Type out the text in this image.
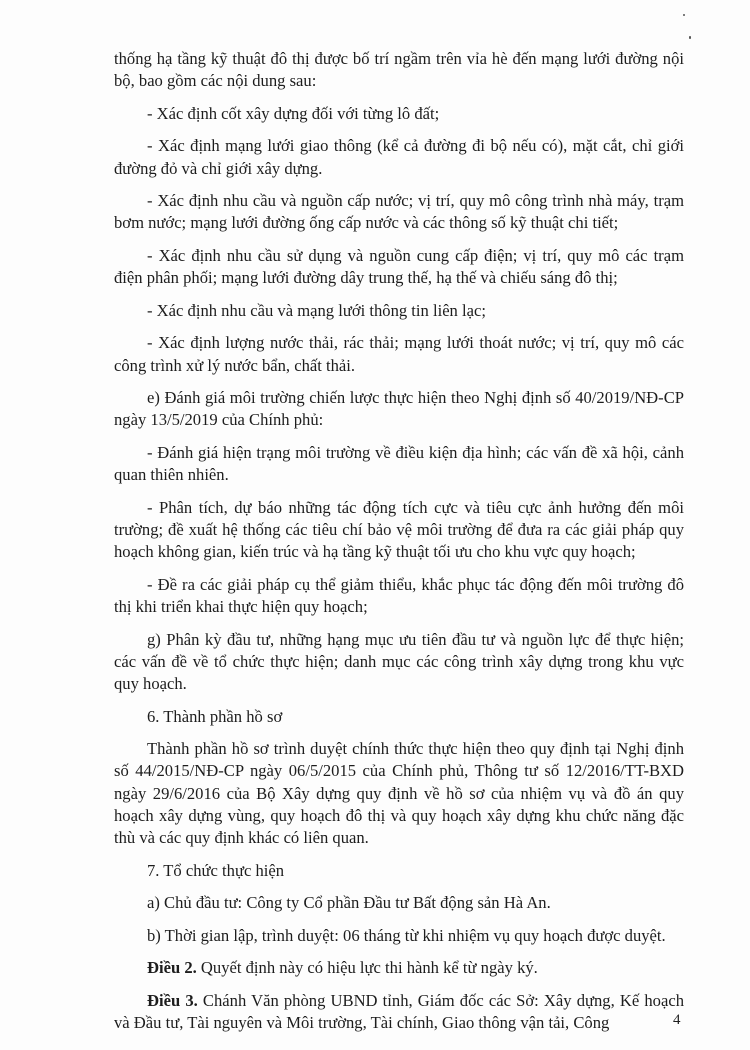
thống hạ tầng kỹ thuật đô thị được bố trí ngầm trên vỉa hè đến mạng lưới đường nội bộ, bao gồm các nội dung sau:

- Xác định cốt xây dựng đối với từng lô đất;

- Xác định mạng lưới giao thông (kể cả đường đi bộ nếu có), mặt cắt, chỉ giới đường đỏ và chỉ giới xây dựng.

- Xác định nhu cầu và nguồn cấp nước; vị trí, quy mô công trình nhà máy, trạm bơm nước; mạng lưới đường ống cấp nước và các thông số kỹ thuật chi tiết;

- Xác định nhu cầu sử dụng và nguồn cung cấp điện; vị trí, quy mô các trạm điện phân phối; mạng lưới đường dây trung thế, hạ thế và chiếu sáng đô thị;

- Xác định nhu cầu và mạng lưới thông tin liên lạc;

- Xác định lượng nước thải, rác thải; mạng lưới thoát nước; vị trí, quy mô các công trình xử lý nước bẩn, chất thải.

e) Đánh giá môi trường chiến lược thực hiện theo Nghị định số 40/2019/NĐ-CP ngày 13/5/2019 của Chính phủ:

- Đánh giá hiện trạng môi trường về điều kiện địa hình; các vấn đề xã hội, cảnh quan thiên nhiên.

- Phân tích, dự báo những tác động tích cực và tiêu cực ảnh hưởng đến môi trường; đề xuất hệ thống các tiêu chí bảo vệ môi trường để đưa ra các giải pháp quy hoạch không gian, kiến trúc và hạ tầng kỹ thuật tối ưu cho khu vực quy hoạch;

- Đề ra các giải pháp cụ thể giảm thiểu, khắc phục tác động đến môi trường đô thị khi triển khai thực hiện quy hoạch;

g) Phân kỳ đầu tư, những hạng mục ưu tiên đầu tư và nguồn lực để thực hiện; các vấn đề về tổ chức thực hiện; danh mục các công trình xây dựng trong khu vực quy hoạch.

6. Thành phần hồ sơ

Thành phần hồ sơ trình duyệt chính thức thực hiện theo quy định tại Nghị định số 44/2015/NĐ-CP ngày 06/5/2015 của Chính phủ, Thông tư số 12/2016/TT-BXD ngày 29/6/2016 của Bộ Xây dựng quy định về hồ sơ của nhiệm vụ và đồ án quy hoạch xây dựng vùng, quy hoạch đô thị và quy hoạch xây dựng khu chức năng đặc thù và các quy định khác có liên quan.

7. Tổ chức thực hiện

a) Chủ đầu tư: Công ty Cổ phần Đầu tư Bất động sản Hà An.

b) Thời gian lập, trình duyệt: 06 tháng từ khi nhiệm vụ quy hoạch được duyệt.

Điều 2. Quyết định này có hiệu lực thi hành kể từ ngày ký.

Điều 3. Chánh Văn phòng UBND tỉnh, Giám đốc các Sở: Xây dựng, Kế hoạch và Đầu tư, Tài nguyên và Môi trường, Tài chính, Giao thông vận tải, Công	4
